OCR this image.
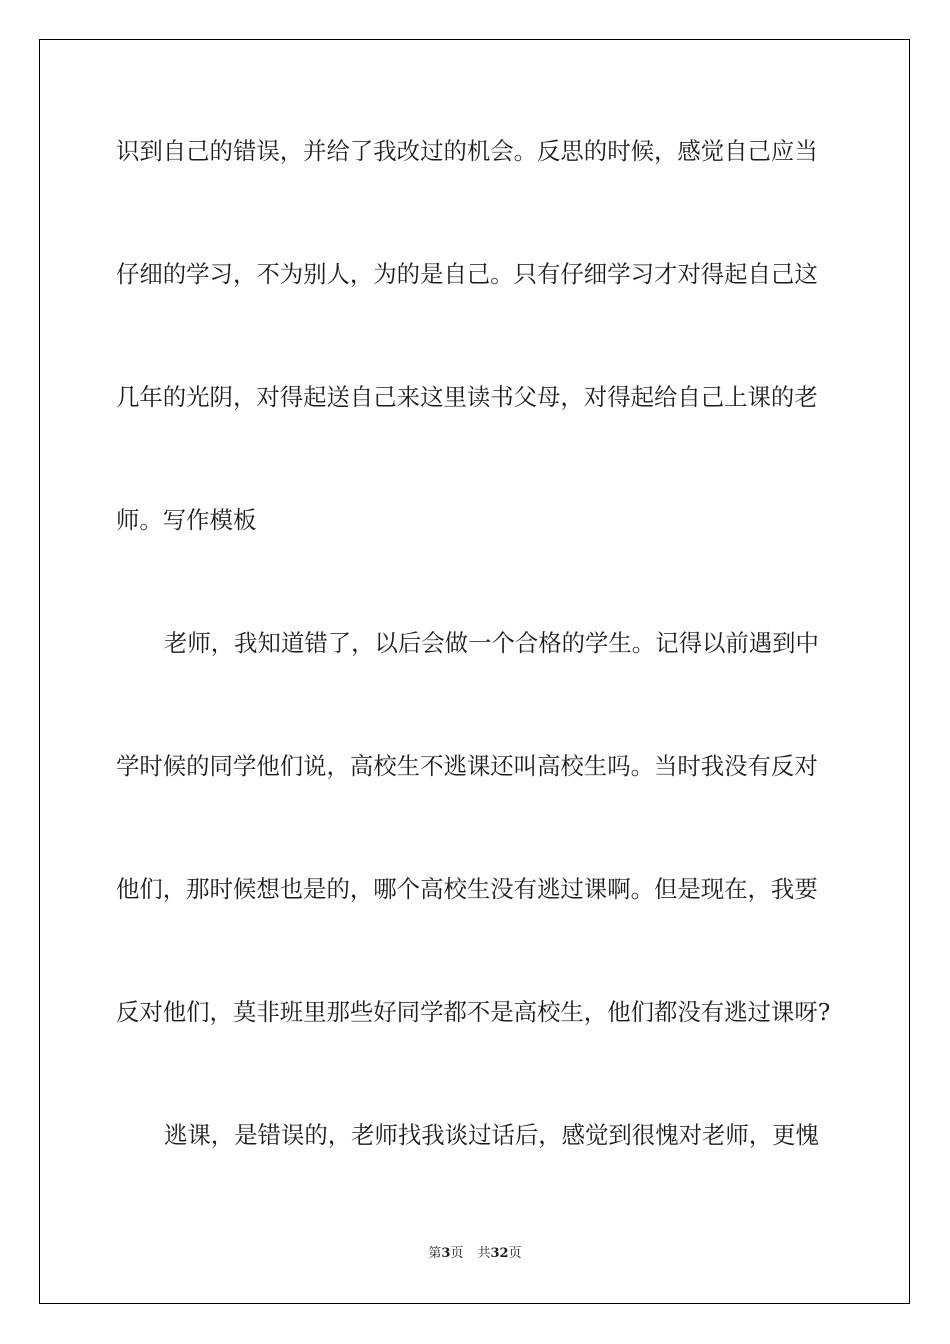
识到自己的错误，并给了我改过的机会。反思的时候，感觉自己应当
仔细的学习，不为别人，为的是自己。只有仔细学习才对得起自己这
几年的光阴，对得起送自己来这里读书父母，对得起给自己上课的老
师。写作模板
老师，我知道错了，以后会做一个合格的学生。记得以前遇到中
学时候的同学他们说，高校生不逃课还叫高校生吗。当时我没有反对
他们，那时候想也是的，哪个高校生没有逃过课啊。但是现在，我要
反对他们，莫非班里那些好同学都不是高校生，他们都没有逃过课呀?
逃课，是错误的，老师找我谈过话后，感觉到很愧对老师，更愧
第3页 共32页
